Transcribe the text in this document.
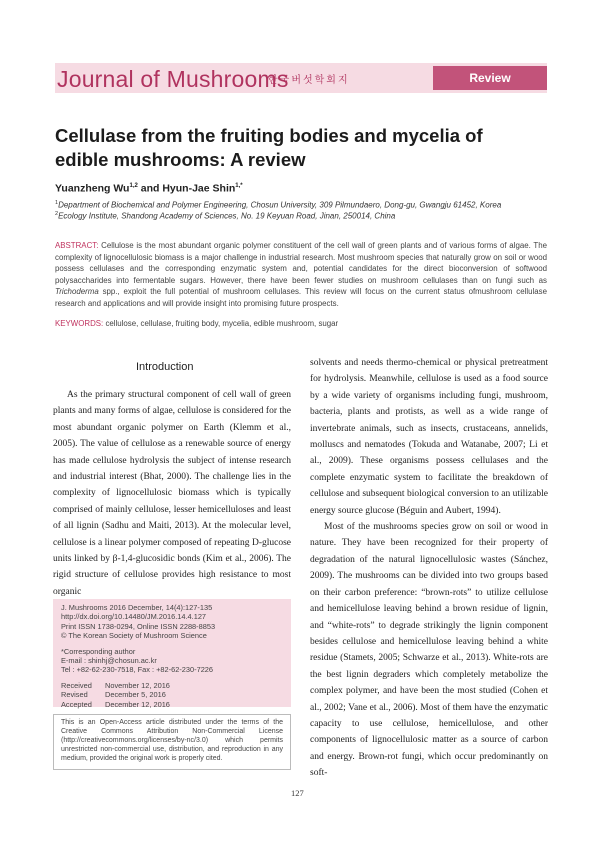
Journal of Mushrooms
한국버섯학회지	Review
Cellulase from the fruiting bodies and mycelia of edible mushrooms: A review
Yuanzheng Wu$^{1,2}$ and Hyun-Jae Shin$^{1,*}$
$^1$Department of Biochemical and Polymer Engineering, Chosun University, 309 Pilmundaero, Dong-gu, Gwangju 61452, Korea
$^2$Ecology Institute, Shandong Academy of Sciences, No. 19 Keyuan Road, Jinan, 250014, China
ABSTRACT: Cellulose is the most abundant organic polymer constituent of the cell wall of green plants and of various forms of algae. The complexity of lignocellulosic biomass is a major challenge in industrial research. Most mushroom species that naturally grow on soil or wood possess cellulases and the corresponding enzymatic system and, potential candidates for the direct bioconversion of softwood polysaccharides into fermentable sugars. However, there have been fewer studies on mushroom cellulases than on fungi such as Trichoderma spp., exploit the full potential of mushroom cellulases. This review will focus on the current status ofmushroom cellulase research and applications and will provide insight into promising future prospects.
KEYWORDS: cellulose, cellulase, fruiting body, mycelia, edible mushroom, sugar
Introduction

As the primary structural component of cell wall of green plants and many forms of algae, cellulose is considered for the most abundant organic polymer on Earth (Klemm et al., 2005). The value of cellulose as a renewable source of energy has made cellulose hydrolysis the subject of intense research and industrial interest (Bhat, 2000). The challenge lies in the complexity of lignocellulosic biomass which is typically comprised of mainly cellulose, lesser hemicelluloses and least of all lignin (Sadhu and Maiti, 2013). At the molecular level, cellulose is a linear polymer composed of repeating D-glucose units linked by β-1,4-glucosidic bonds (Kim et al., 2006). The rigid structure of cellulose provides high resistance to most organic

solvents and needs thermo-chemical or physical pretreatment for hydrolysis. Meanwhile, cellulose is used as a food source by a wide variety of organisms including fungi, mushroom, bacteria, plants and protists, as well as a wide range of invertebrate animals, such as insects, crustaceans, annelids, molluscs and nematodes (Tokuda and Watanabe, 2007; Li et al., 2009). These organisms possess cellulases and the complete enzymatic system to facilitate the breakdown of cellulose and subsequent biological conversion to an utilizable energy source glucose (Béguin and Aubert, 1994).

Most of the mushrooms species grow on soil or wood in nature. They have been recognized for their property of degradation of the natural lignocellulosic wastes (Sánchez, 2009). The mushrooms can be divided into two groups based on their carbon preference: “brown-rots” to utilize cellulose and hemicellulose leaving behind a brown residue of lignin, and “white-rots” to degrade strikingly the lignin component besides cellulose and hemicellulose leaving behind a white residue (Stamets, 2005; Schwarze et al., 2013). White-rots are the best lignin degraders which completely metabolize the complex polymer, and have been the most studied (Cohen et al., 2002; Vane et al., 2006). Most of them have the enzymatic capacity to use cellulose, hemicellulose, and other components of lignocellulosic matter as a source of carbon and energy. Brown-rot fungi, which occur predominantly on soft-

J. Mushrooms 2016 December, 14(4):127-135
http://dx.doi.org/10.14480/JM.2016.14.4.127
Print ISSN 1738-0294, Online ISSN 2288-8853
© The Korean Society of Mushroom Science
*Corresponding author
E-mail : shinhj@chosun.ac.kr
Tel : +82-62-230-7518, Fax : +82-62-230-7226
Received	November 12, 2016
Revised	December 5, 2016
Accepted	December 12, 2016
This is an Open-Access article distributed under the terms of the Creative Commons Attribution Non-Commercial License (http://creativecommons.org/licenses/by-nc/3.0) which permits unrestricted non-commercial use, distribution, and reproduction in any medium, provided the original work is properly cited.
127
